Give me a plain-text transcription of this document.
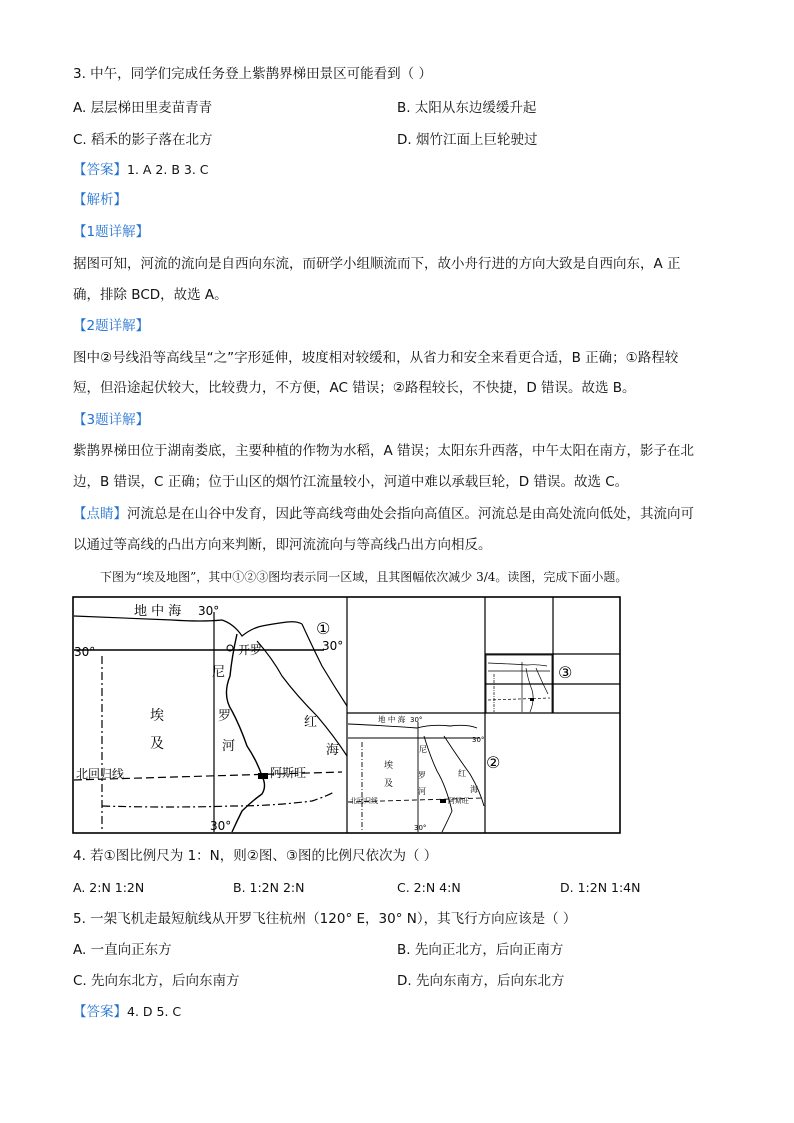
3. 中午，同学们完成任务登上紫鹊界梯田景区可能看到（ ）
A. 层层梯田里麦苗青青	B. 太阳从东边缓缓升起
C. 稻禾的影子落在北方	D. 烟竹江面上巨轮驶过
【答案】1. A 2. B 3. C
【解析】
【1题详解】
据图可知，河流的流向是自西向东流，而研学小组顺流而下，故小舟行进的方向大致是自西向东，A 正
确，排除 BCD，故选 A。
【2题详解】
图中②号线沿等高线呈“之”字形延伸，坡度相对较缓和，从省力和安全来看更合适，B 正确；①路程较
短，但沿途起伏较大，比较费力，不方便，AC 错误；②路程较长，不快捷，D 错误。故选 B。
【3题详解】
紫鹊界梯田位于湖南娄底，主要种植的作物为水稻，A 错误；太阳东升西落，中午太阳在南方，影子在北
边，B 错误，C 正确；位于山区的烟竹江流量较小，河道中难以承载巨轮，D 错误。故选 C。
【点睛】河流总是在山谷中发育，因此等高线弯曲处会指向高值区。河流总是由高处流向低处，其流向可
以通过等高线的凸出方向来判断，即河流流向与等高线凸出方向相反。
下图为“埃及地图”，其中①②③图均表示同一区域，且其图幅依次减少 3/4。读图，完成下面小题。
地 中 海 30°
30°	30°
开罗
尼
罗
河
埃
及
红
海
北回归线	阿斯旺
30°
①
地 中 海 30°
30°
尼
罗
河
埃
及
红
海
北回归线	阿斯旺
30°
②
③
4. 若①图比例尺为 1：N，则②图、③图的比例尺依次为（ ）
A. 2:N 1:2N	B. 1:2N 2:N	C. 2:N 4:N	D. 1:2N 1:4N
5. 一架飞机走最短航线从开罗飞往杭州（120° E，30° N），其飞行方向应该是（ ）
A. 一直向正东方	B. 先向正北方，后向正南方
C. 先向东北方，后向东南方	D. 先向东南方，后向东北方
【答案】4. D 5. C
